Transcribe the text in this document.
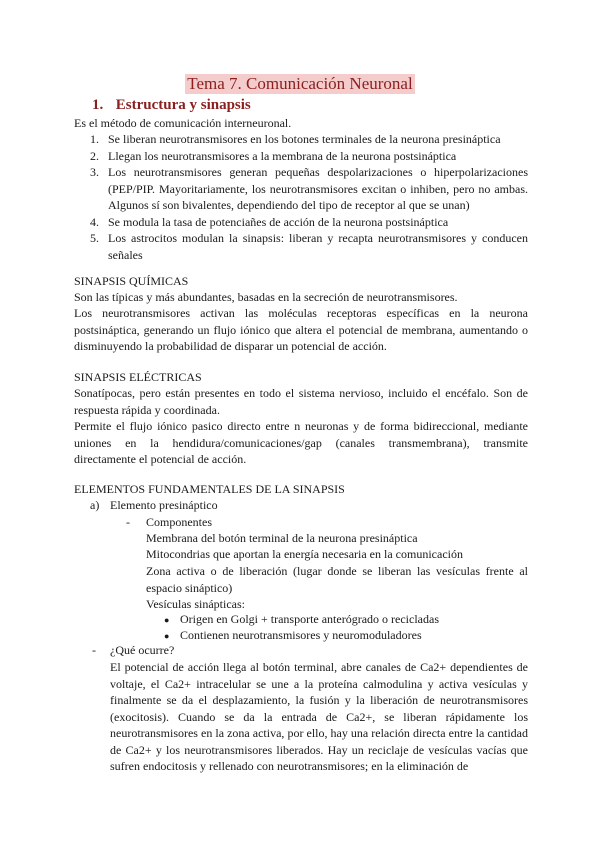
Tema 7. Comunicación Neuronal
1. Estructura y sinapsis
Es el método de comunicación interneuronal.
1. Se liberan neurotransmisores en los botones terminales de la neurona presináptica
2. Llegan los neurotransmisores a la membrana de la neurona postsináptica
3. Los neurotransmisores generan pequeñas despolarizaciones o hiperpolarizaciones (PEP/PIP. Mayoritariamente, los neurotransmisores excitan o inhiben, pero no ambas. Algunos sí son bivalentes, dependiendo del tipo de receptor al que se unan)
4. Se modula la tasa de potenciañes de acción de la neurona postsináptica
5. Los astrocitos modulan la sinapsis: liberan y recapta neurotransmisores y conducen señales
SINAPSIS QUÍMICAS
Son las típicas y más abundantes, basadas en la secreción de neurotransmisores.
Los neurotransmisores activan las moléculas receptoras específicas en la neurona postsináptica, generando un flujo iónico que altera el potencial de membrana, aumentando o disminuyendo la probabilidad de disparar un potencial de acción.
SINAPSIS ELÉCTRICAS
Sonatípocas, pero están presentes en todo el sistema nervioso, incluido el encéfalo. Son de respuesta rápida y coordinada.
Permite el flujo iónico pasico directo entre n neuronas y de forma bidireccional, mediante uniones en la hendidura/comunicaciones/gap (canales transmembrana), transmite directamente el potencial de acción.
ELEMENTOS FUNDAMENTALES DE LA SINAPSIS
a) Elemento presináptico
- Componentes
Membrana del botón terminal de la neurona presináptica
Mitocondrias que aportan la energía necesaria en la comunicación
Zona activa o de liberación (lugar donde se liberan las vesículas frente al espacio sináptico)
Vesículas sinápticas:
● Origen en Golgi + transporte anterógrado o recicladas
● Contienen neurotransmisores y neuromoduladores
- ¿Qué ocurre?
El potencial de acción llega al botón terminal, abre canales de Ca2+ dependientes de voltaje, el Ca2+ intracelular se une a la proteína calmodulina y activa vesículas y finalmente se da el desplazamiento, la fusión y la liberación de neurotransmisores (exocitosis). Cuando se da la entrada de Ca2+, se liberan rápidamente los neurotransmisores en la zona activa, por ello, hay una relación directa entre la cantidad de Ca2+ y los neurotransmisores liberados. Hay un reciclaje de vesículas vacías que sufren endocitosis y rellenado con neurotransmisores; en la eliminación de
